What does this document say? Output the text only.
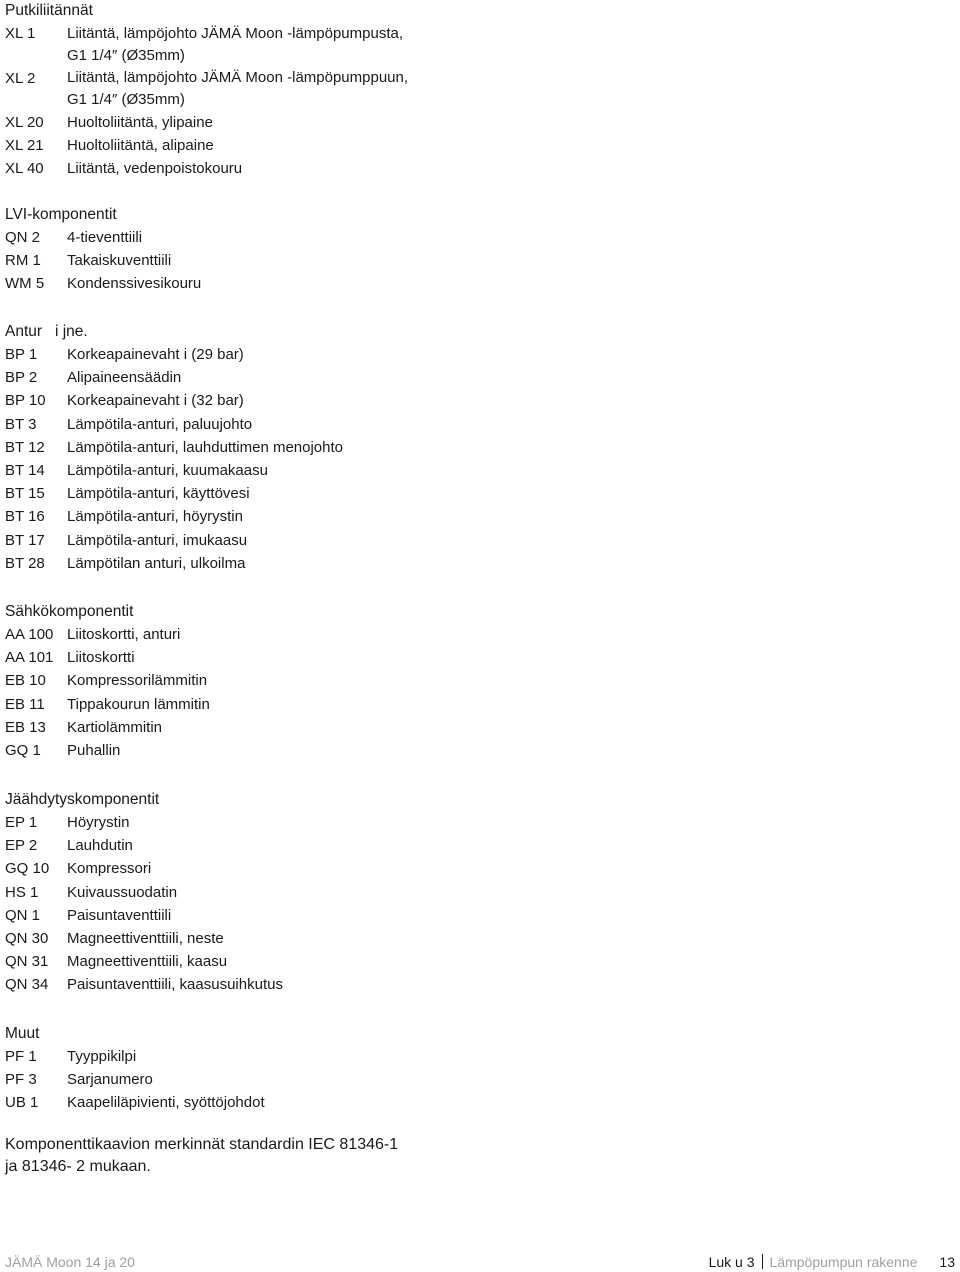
Putkiliitännät
XL 1 Liitäntä, lämpöjohto JÄMÄ Moon -lämpöpumpusta,
G1 1/4″ (Ø35mm)
XL 2 Liitäntä, lämpöjohto JÄMÄ Moon -lämpöpumppuun,
G1 1/4″ (Ø35mm)
XL 20 Huoltoliitäntä, ylipaine
XL 21 Huoltoliitäntä, alipaine
XL 40 Liitäntä, vedenpoistokouru
LVI-komponentit
QN 2 4-tieventtiili
RM 1 Takaiskuventtiili
WM 5 Kondenssivesikouru
Antur   i jne.
BP 1 Korkeapainevaht i (29 bar)
BP 2 Alipaineensäädin
BP 10 Korkeapainevaht i (32 bar)
BT 3 Lämpötila-anturi, paluujohto
BT 12 Lämpötila-anturi, lauhduttimen menojohto
BT 14 Lämpötila-anturi, kuumakaasu
BT 15 Lämpötila-anturi, käyttövesi
BT 16 Lämpötila-anturi, höyrystin
BT 17 Lämpötila-anturi, imukaasu
BT 28 Lämpötilan anturi, ulkoilma
Sähkökomponentit
AA 100 Liitoskortti, anturi
AA 101 Liitoskortti
EB 10 Kompressorilämmitin
EB 11 Tippakourun lämmitin
EB 13 Kartiolämmitin
GQ 1 Puhallin
Jäähdytyskomponentit
EP 1 Höyrystin
EP 2 Lauhdutin
GQ 10 Kompressori
HS 1 Kuivaussuodatin
QN 1 Paisuntaventtiili
QN 30 Magneettiventtiili, neste
QN 31 Magneettiventtiili, kaasu
QN 34 Paisuntaventtiili, kaasusuihkutus
Muut
PF 1 Tyyppikilpi
PF 3 Sarjanumero
UB 1 Kaapeliläpivienti, syöttöjohdot
Komponenttikaavion merkinnät standardin IEC 81346-1
ja 81346- 2 mukaan.
JÄMÄ Moon 14 ja 20	Luk u 3 Lämpöpumpun rakenne 13
